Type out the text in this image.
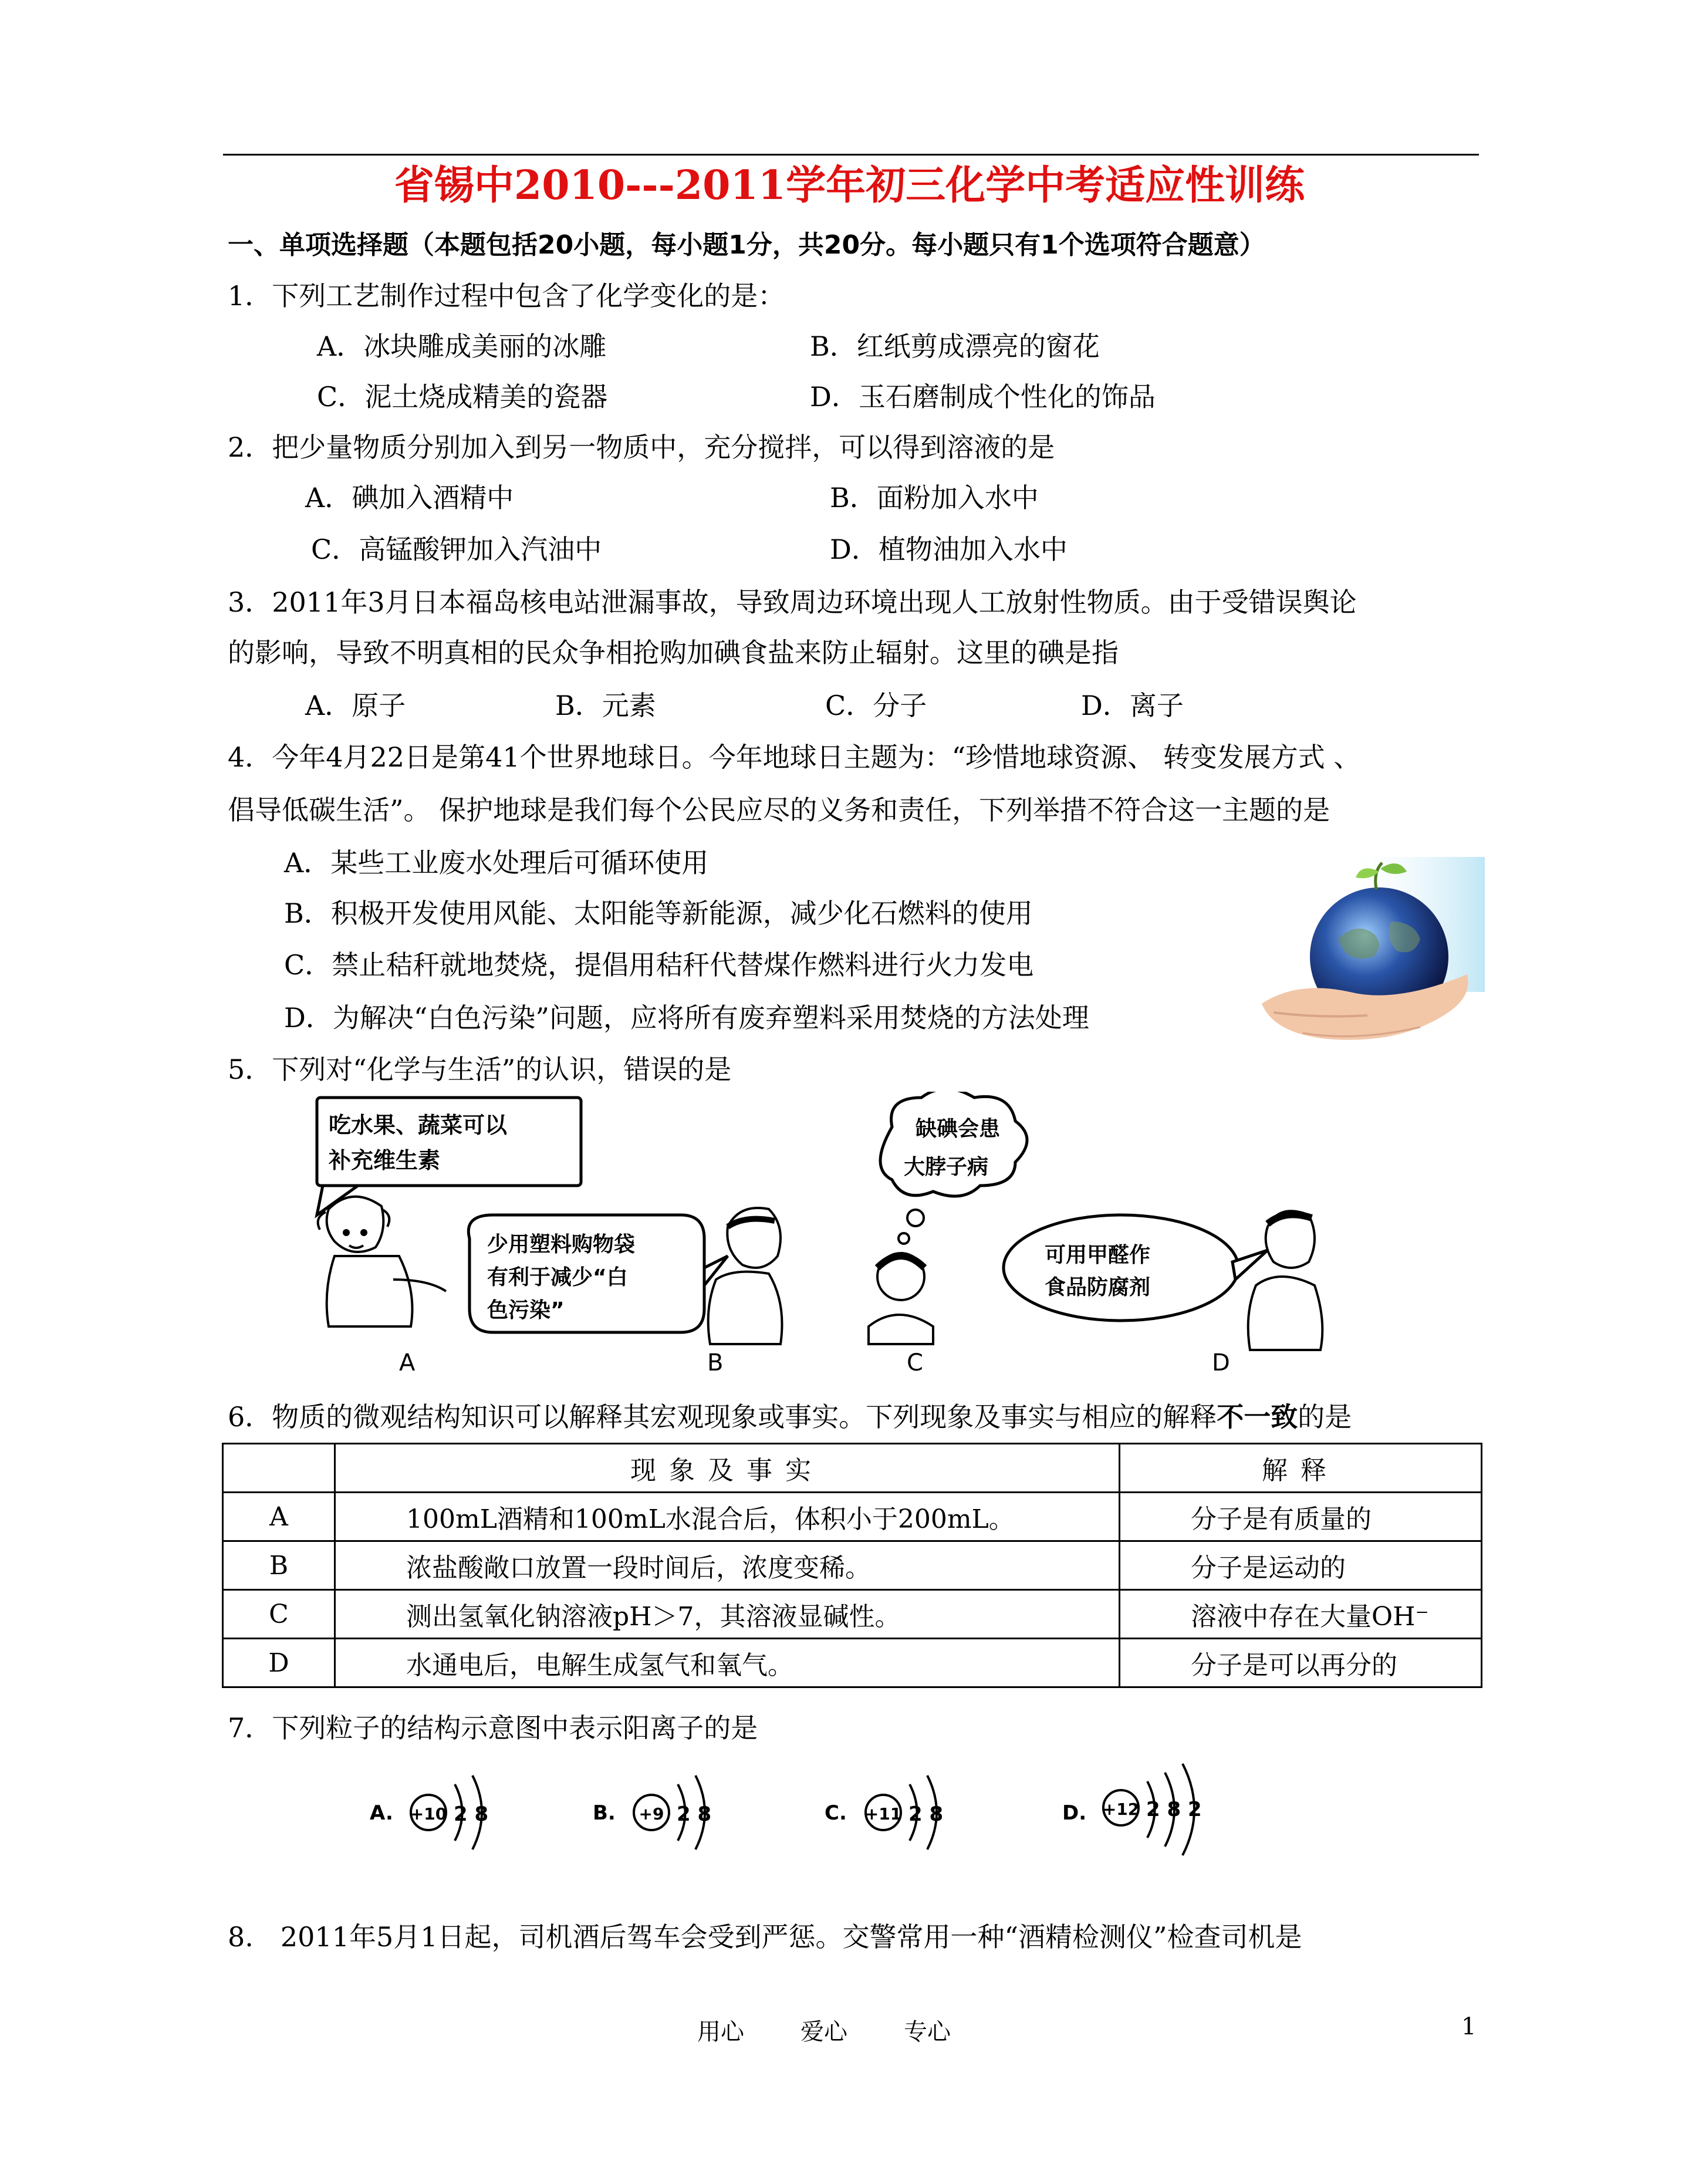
省锡中2010---2011学年初三化学中考适应性训练
一、单项选择题（本题包括20小题，每小题1分，共20分。每小题只有1个选项符合题意）
1．下列工艺制作过程中包含了化学变化的是：
A．冰块雕成美丽的冰雕	B．红纸剪成漂亮的窗花
C．泥土烧成精美的瓷器	D．玉石磨制成个性化的饰品
2．把少量物质分别加入到另一物质中，充分搅拌，可以得到溶液的是
A．碘加入酒精中	B．面粉加入水中
C．高锰酸钾加入汽油中	D．植物油加入水中
3．2011年3月日本福岛核电站泄漏事故，导致周边环境出现人工放射性物质。由于受错误舆论
的影响，导致不明真相的民众争相抢购加碘食盐来防止辐射。这里的碘是指
A．原子	B．元素	C．分子	D．离子
4．今年4月22日是第41个世界地球日。今年地球日主题为：“珍惜地球资源、 转变发展方式 、
倡导低碳生活”。 保护地球是我们每个公民应尽的义务和责任，下列举措不符合这一主题的是
A．某些工业废水处理后可循环使用
B．积极开发使用风能、太阳能等新能源，减少化石燃料的使用
C．禁止秸秆就地焚烧，提倡用秸秆代替煤作燃料进行火力发电
D．为解决“白色污染”问题，应将所有废弃塑料采用焚烧的方法处理
5．下列对“化学与生活”的认识，错误的是
吃水果、蔬菜可以
补充维生素
少用塑料购物袋
有利于减少“白
色污染”
缺碘会患
大脖子病
可用甲醛作
食品防腐剂
A	B	C	D
6．物质的微观结构知识可以解释其宏观现象或事实。下列现象及事实与相应的解释不一致的是
	现象及事实	解释
A	100mL酒精和100mL水混合后，体积小于200mL。	分子是有质量的
B	浓盐酸敞口放置一段时间后，浓度变稀。	分子是运动的
C	测出氢氧化钠溶液pH＞7，其溶液显碱性。	溶液中存在大量OH⁻
D	水通电后，电解生成氢气和氧气。	分子是可以再分的
7．下列粒子的结构示意图中表示阳离子的是
A. +10 2 8	B. +9 2 8	C. +11 2 8	D. +12 2 8 2
8.　2011年5月1日起，司机酒后驾车会受到严惩。交警常用一种“酒精检测仪”检查司机是
用心 爱心 专心	1
